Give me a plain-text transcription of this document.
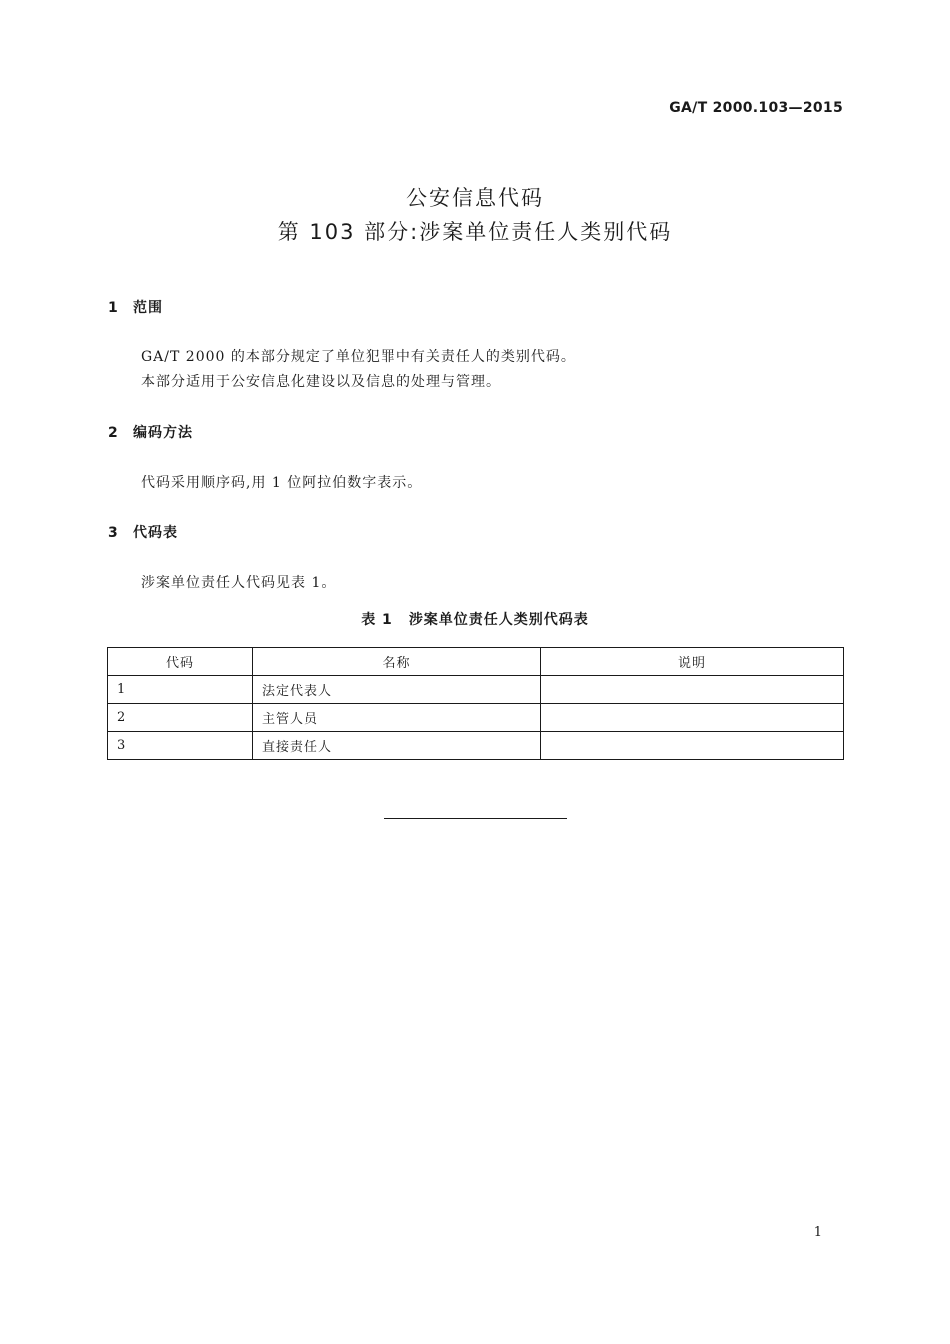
GA/T 2000.103—2015
公安信息代码
第 103 部分:涉案单位责任人类别代码
1 范围
GA/T 2000 的本部分规定了单位犯罪中有关责任人的类别代码。
本部分适用于公安信息化建设以及信息的处理与管理。
2 编码方法
代码采用顺序码,用 1 位阿拉伯数字表示。
3 代码表
涉案单位责任人代码见表 1。
表 1 涉案单位责任人类别代码表
代码	名称	说明
1	法定代表人	
2	主管人员	
3	直接责任人	
1
